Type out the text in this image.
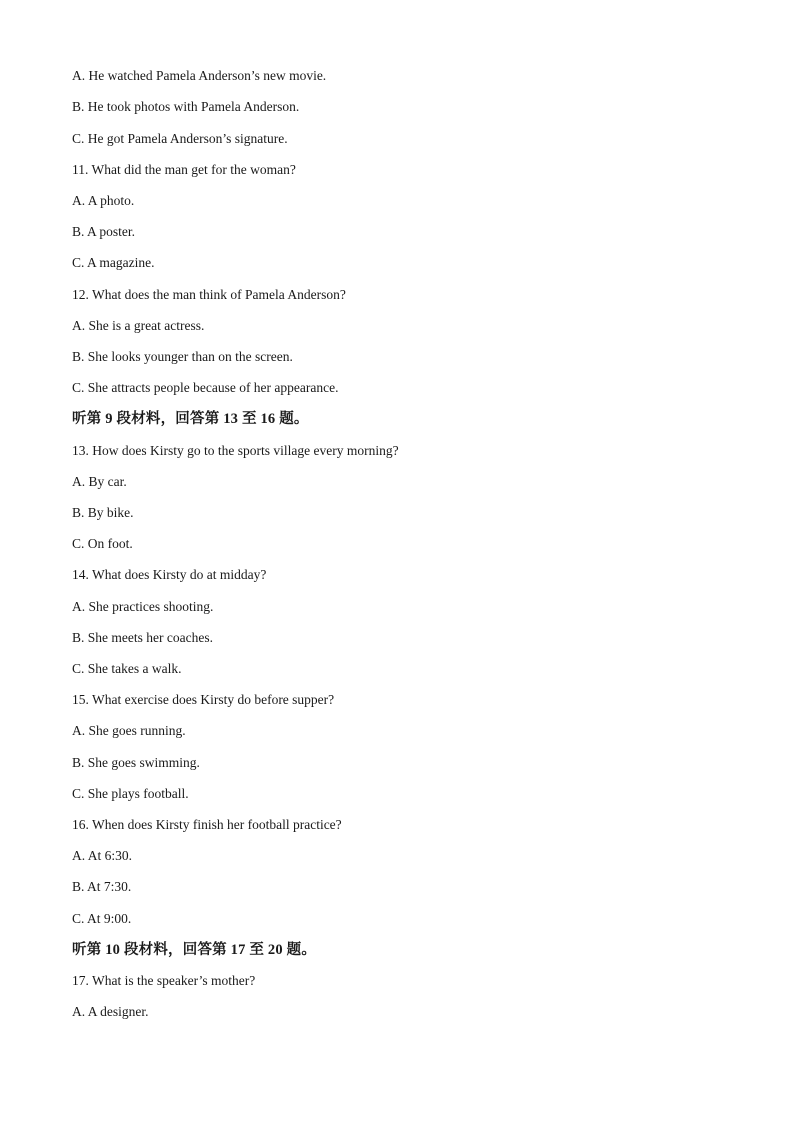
A. He watched Pamela Anderson’s new movie.
B. He took photos with Pamela Anderson.
C. He got Pamela Anderson’s signature.
11. What did the man get for the woman?
A. A photo.
B. A poster.
C. A magazine.
12. What does the man think of Pamela Anderson?
A. She is a great actress.
B. She looks younger than on the screen.
C. She attracts people because of her appearance.
听第 9 段材料，回答第 13 至 16 题。
13. How does Kirsty go to the sports village every morning?
A. By car.
B. By bike.
C. On foot.
14. What does Kirsty do at midday?
A. She practices shooting.
B. She meets her coaches.
C. She takes a walk.
15. What exercise does Kirsty do before supper?
A. She goes running.
B. She goes swimming.
C. She plays football.
16. When does Kirsty finish her football practice?
A. At 6:30.
B. At 7:30.
C. At 9:00.
听第 10 段材料，回答第 17 至 20 题。
17. What is the speaker’s mother?
A. A designer.
